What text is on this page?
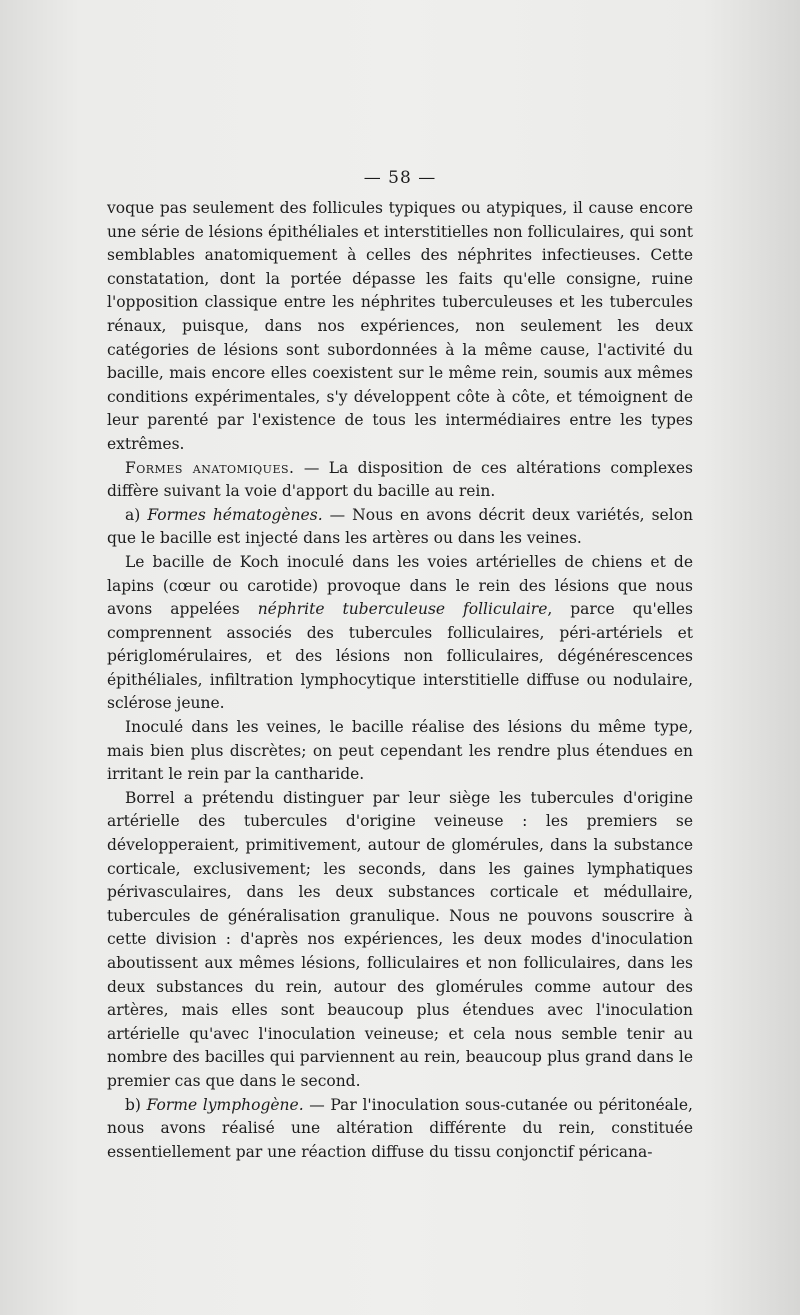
— 58 —

voque pas seulement des follicules typiques ou atypiques, il cause encore une série de lésions épithéliales et interstitielles non folliculaires, qui sont semblables anatomiquement à celles des néphrites infectieuses. Cette constatation, dont la portée dépasse les faits qu'elle consigne, ruine l'opposition classique entre les néphrites tuberculeuses et les tubercules rénaux, puisque, dans nos expériences, non seulement les deux catégories de lésions sont subordonnées à la même cause, l'activité du bacille, mais encore elles coexistent sur le même rein, soumis aux mêmes conditions expérimentales, s'y développent côte à côte, et témoignent de leur parenté par l'existence de tous les intermédiaires entre les types extrêmes.

Formes anatomiques. — La disposition de ces altérations complexes diffère suivant la voie d'apport du bacille au rein.

a) Formes hématogènes. — Nous en avons décrit deux variétés, selon que le bacille est injecté dans les artères ou dans les veines.

Le bacille de Koch inoculé dans les voies artérielles de chiens et de lapins (cœur ou carotide) provoque dans le rein des lésions que nous avons appelées néphrite tuberculeuse folliculaire, parce qu'elles comprennent associés des tubercules folliculaires, péri-artériels et périglomérulaires, et des lésions non folliculaires, dégénérescences épithéliales, infiltration lymphocytique interstitielle diffuse ou nodulaire, sclérose jeune.

Inoculé dans les veines, le bacille réalise des lésions du même type, mais bien plus discrètes; on peut cependant les rendre plus étendues en irritant le rein par la cantharide.

Borrel a prétendu distinguer par leur siège les tubercules d'origine artérielle des tubercules d'origine veineuse : les premiers se développeraient, primitivement, autour de glomérules, dans la substance corticale, exclusivement; les seconds, dans les gaines lymphatiques périvasculaires, dans les deux substances corticale et médullaire, tubercules de généralisation granulique. Nous ne pouvons souscrire à cette division : d'après nos expériences, les deux modes d'inoculation aboutissent aux mêmes lésions, folliculaires et non folliculaires, dans les deux substances du rein, autour des glomérules comme autour des artères, mais elles sont beaucoup plus étendues avec l'inoculation artérielle qu'avec l'inoculation veineuse; et cela nous semble tenir au nombre des bacilles qui parviennent au rein, beaucoup plus grand dans le premier cas que dans le second.

b) Forme lymphogène. — Par l'inoculation sous-cutanée ou péritonéale, nous avons réalisé une altération différente du rein, constituée essentiellement par une réaction diffuse du tissu conjonctif péricana-
